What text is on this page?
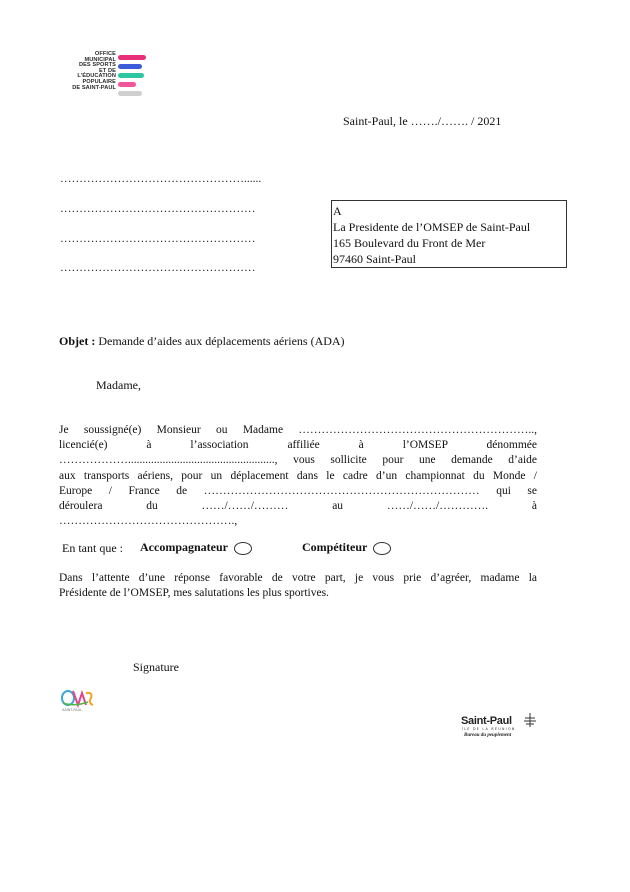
OFFICE
MUNICIPAL
DES SPORTS
ET DE
L'ÉDUCATION
POPULAIRE
DE SAINT-PAUL
Saint-Paul, le ……./……. / 2021
…………………………………………......
……………………………………………
……………………………………………
……………………………………………
A
La Presidente de l’OMSEP de Saint-Paul
165 Boulevard du Front de Mer
97460 Saint-Paul
Objet : Demande d’aides aux déplacements aériens (ADA)
Madame,
Je soussigné(e) Monsieur ou Madame ……………………………………………………..,
licencié(e) à l’association affiliée à l’OMSEP dénommée
………………..................................................., vous sollicite pour une demande d’aide
aux transports aériens, pour un déplacement dans le cadre d’un championnat du Monde /
Europe / France de ……………………………………………………………… qui se
déroulera du ……/……/……… au ……/……/…………. à
……………………………………….,
En tant que : Accompagnateur	Compétiteur
Dans l’attente d’une réponse favorable de votre part, je vous prie d’agréer, madame la
Présidente de l’OMSEP, mes salutations les plus sportives.
Signature
SAINT-PAUL
Saint-Paul
ÎLE DE LA RÉUNION
Bureau du peuplement
